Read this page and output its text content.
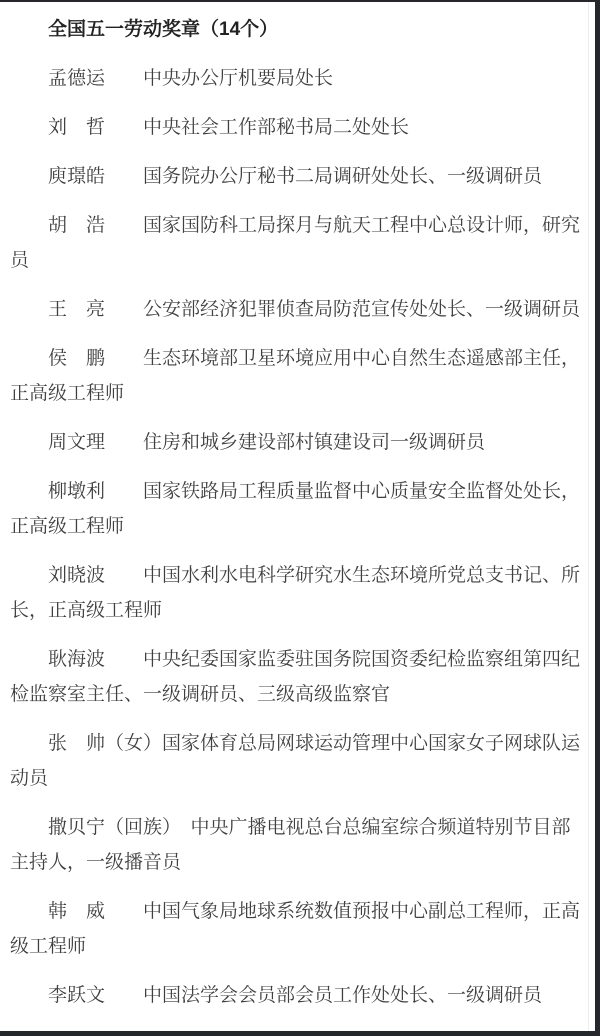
全国五一劳动奖章（14个）
孟德运　　中央办公厅机要局处长
刘　哲　　中央社会工作部秘书局二处处长
庾璟皓　　国务院办公厅秘书二局调研处处长、一级调研员
胡　浩　　国家国防科工局探月与航天工程中心总设计师，研究
员
王　亮　　公安部经济犯罪侦查局防范宣传处处长、一级调研员
侯　鹏　　生态环境部卫星环境应用中心自然生态遥感部主任，
正高级工程师
周文理　　住房和城乡建设部村镇建设司一级调研员
柳墩利　　国家铁路局工程质量监督中心质量安全监督处处长，
正高级工程师
刘晓波　　中国水利水电科学研究水生态环境所党总支书记、所
长，正高级工程师
耿海波　　中央纪委国家监委驻国务院国资委纪检监察组第四纪
检监察室主任、一级调研员、三级高级监察官
张　帅（女）国家体育总局网球运动管理中心国家女子网球队运
动员
撒贝宁（回族）　中央广播电视总台总编室综合频道特别节目部
主持人，一级播音员
韩　威　　中国气象局地球系统数值预报中心副总工程师，正高
级工程师
李跃文　　中国法学会会员部会员工作处处长、一级调研员
